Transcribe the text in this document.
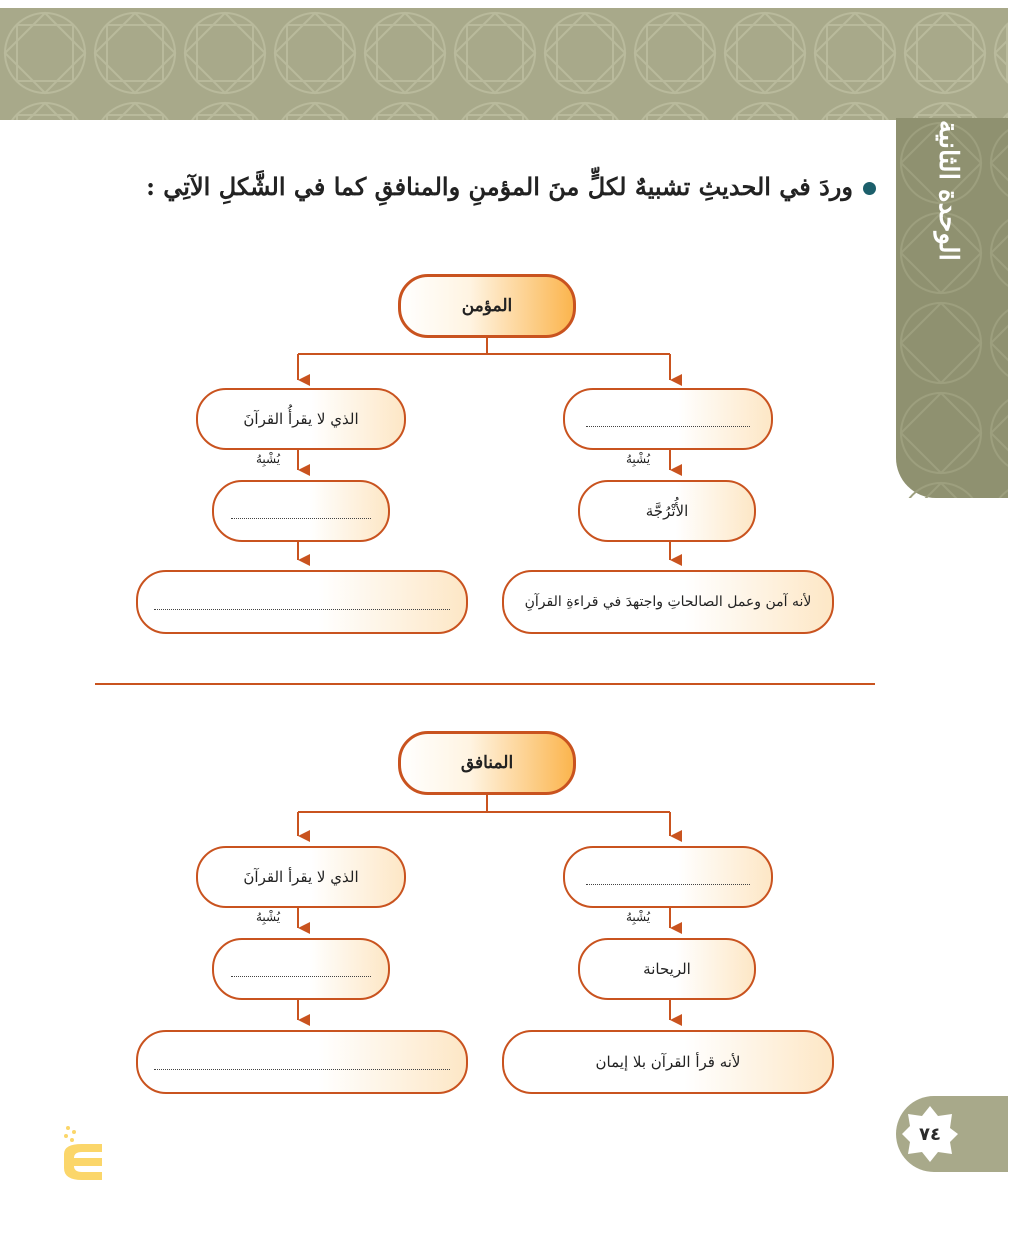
الوحدة الثانية
وردَ في الحديثِ تشبيهٌ لكلٍّ منَ المؤمنِ والمنافقِ كما في الشَّكلِ الآتِي :
المؤمن
الذي لا يقرأُ القرآنَ
يُشْبِهُ
يُشْبِهُ
الأُتْرُجَّة
لأنه آمن وعمل الصالحاتِ واجتهدَ في قراءةِ القرآنِ
المنافق
الذي لا يقرأ القرآنَ
يُشْبِهُ
يُشْبِهُ
الريحانة
لأنه قرأ القرآن بلا إيمان
٧٤
